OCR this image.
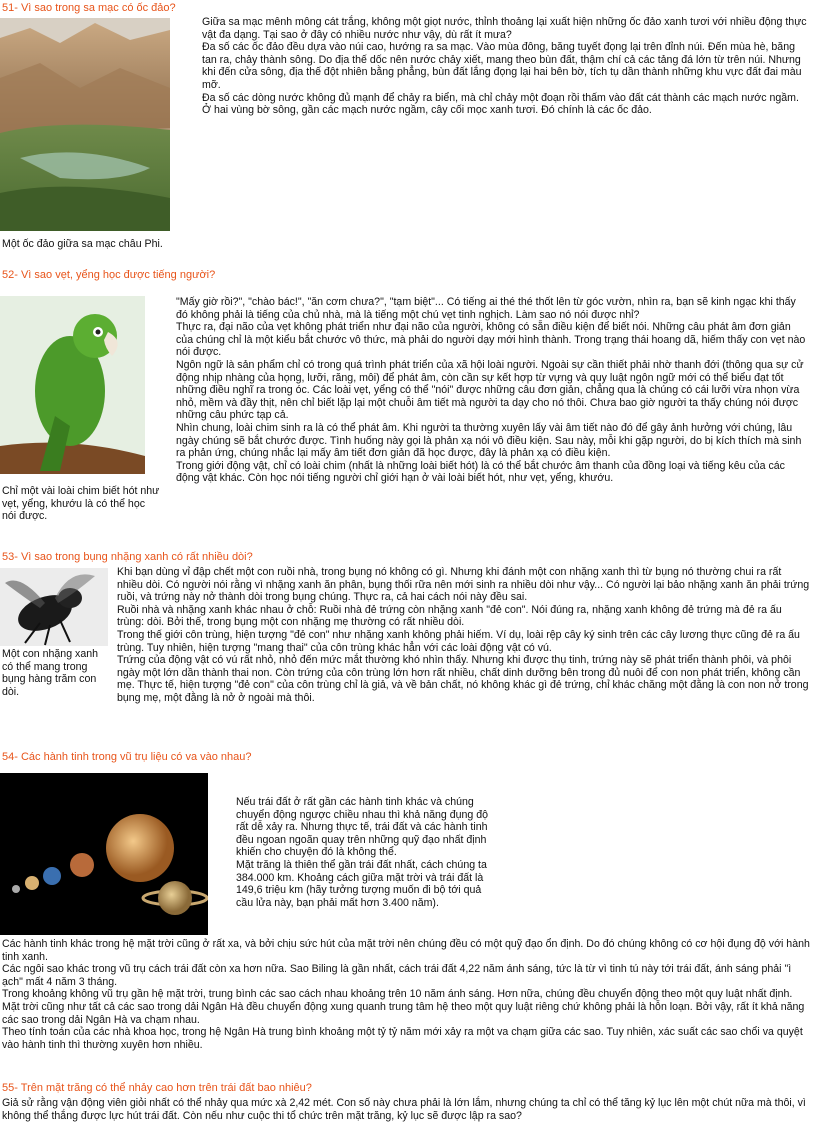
51- Vì sao trong sa mạc có ốc đảo?
Một ốc đảo giữa sa mạc châu Phi.

Giữa sa mạc mênh mông cát trắng, không một giọt nước, thỉnh thoảng lại xuất hiện những ốc đảo xanh tươi với nhiều động thực vật đa dạng. Tại sao ở đây có nhiều nước như vậy, dù rất ít mưa?

Đa số các ốc đảo đều dựa vào núi cao, hướng ra sa mạc. Vào mùa đông, băng tuyết đọng lại trên đỉnh núi. Đến mùa hè, băng tan ra, chảy thành sông. Do địa thế dốc nên nước chảy xiết, mang theo bùn đất, thậm chí cả các tảng đá lớn từ trên núi. Nhưng khi đến cửa sông, địa thế đột nhiên bằng phẳng, bùn đất lắng đọng lại hai bên bờ, tích tụ dần thành những khu vực đất đai màu mỡ.

Đa số các dòng nước không đủ mạnh để chảy ra biển, mà chỉ chảy một đoạn rồi thấm vào đất cát thành các mạch nước ngầm. Ở hai vùng bờ sông, gần các mạch nước ngầm, cây cối mọc xanh tươi. Đó chính là các ốc đảo.

52- Vì sao vẹt, yểng học được tiếng người?
Chỉ một vài loài chim biết hót như vẹt, yểng, khướu là có thể học nói được.

"Mấy giờ rồi?", "chào bác!", "ăn cơm chưa?", "tạm biệt"... Có tiếng ai thé thé thốt lên từ góc vườn, nhìn ra, bạn sẽ kinh ngạc khi thấy đó không phải là tiếng của chủ nhà, mà là tiếng một chú vẹt tinh nghịch. Làm sao nó nói được nhỉ?

Thực ra, đại não của vẹt không phát triển như đại não của người, không có sẵn điều kiện để biết nói. Những câu phát âm đơn giản của chúng chỉ là một kiểu bắt chước vô thức, mà phải do người dạy mới hình thành. Trong trạng thái hoang dã, hiếm thấy con vẹt nào nói được.

Ngôn ngữ là sản phẩm chỉ có trong quá trình phát triển của xã hội loài người. Ngoài sự cần thiết phải nhờ thanh đới (thông qua sự cử động nhịp nhàng của họng, lưỡi, răng, môi) để phát âm, còn cần sự kết hợp từ vựng và quy luật ngôn ngữ mới có thể biểu đạt tốt những điều nghĩ ra trong óc. Các loài vẹt, yểng có thể "nói" được những câu đơn giản, chẳng qua là chúng có cái lưỡi vừa nhọn vừa nhỏ, mềm và đầy thịt, nên chỉ biết lặp lại một chuỗi âm tiết mà người ta dạy cho nó thôi. Chưa bao giờ người ta thấy chúng nói được những câu phức tạp cả.

Nhìn chung, loài chim sinh ra là có thể phát âm. Khi người ta thường xuyên lấy vài âm tiết nào đó để gây ảnh hưởng với chúng, lâu ngày chúng sẽ bắt chước được. Tình huống này gọi là phản xạ nói vô điều kiện. Sau này, mỗi khi gặp người, do bị kích thích mà sinh ra phản ứng, chúng nhắc lại mấy âm tiết đơn giản đã học được, đây là phản xạ có điều kiện.

Trong giới động vật, chỉ có loài chim (nhất là những loài biết hót) là có thể bắt chước âm thanh của đồng loại và tiếng kêu của các động vật khác. Còn học nói tiếng người chỉ giới hạn ở vài loài biết hót, như vẹt, yểng, khướu.

53- Vì sao trong bụng nhặng xanh có rất nhiều dòi?
Một con nhặng xanh có thể mang trong bụng hàng trăm con dòi.

Khi bạn dùng vỉ đập chết một con ruồi nhà, trong bụng nó không có gì. Nhưng khi đánh một con nhặng xanh thì từ bụng nó thường chui ra rất nhiều dòi. Có người nói rằng vì nhặng xanh ăn phân, bụng thối rữa nên mới sinh ra nhiều dòi như vậy... Có người lại bảo nhặng xanh ăn phải trứng ruồi, và trứng này nở thành dòi trong bụng chúng. Thực ra, cả hai cách nói này đều sai.

Ruồi nhà và nhặng xanh khác nhau ở chỗ: Ruồi nhà đẻ trứng còn nhặng xanh "đẻ con". Nói đúng ra, nhặng xanh không đẻ trứng mà đẻ ra ấu trùng: dòi. Bởi thế, trong bụng một con nhặng mẹ thường có rất nhiều dòi.

Trong thế giới côn trùng, hiện tượng "đẻ con" như nhặng xanh không phải hiếm. Ví dụ, loài rệp cây ký sinh trên các cây lương thực cũng đẻ ra ấu trùng. Tuy nhiên, hiện tượng "mang thai" của côn trùng khác hẳn với các loài động vật có vú.

Trứng của động vật có vú rất nhỏ, nhỏ đến mức mắt thường khó nhìn thấy. Nhưng khi được thụ tinh, trứng này sẽ phát triển thành phôi, và phôi ngày một lớn dần thành thai non. Còn trứng của côn trùng lớn hơn rất nhiều, chất dinh dưỡng bên trong đủ nuôi để con non phát triển, không cần mẹ. Thực tế, hiện tượng "đẻ con" của côn trùng chỉ là giả, và về bản chất, nó không khác gì đẻ trứng, chỉ khác chăng một đằng là con non nở trong bụng mẹ, một đằng là nở ở ngoài mà thôi.

54- Các hành tinh trong vũ trụ liệu có va vào nhau?

Nếu trái đất ở rất gần các hành tinh khác và chúng chuyển động ngược chiều nhau thì khả năng đụng độ rất dễ xảy ra. Nhưng thực tế, trái đất và các hành tinh đều ngoan ngoãn quay trên những quỹ đạo nhất định khiến cho chuyện đó là không thể.

Mặt trăng là thiên thể gần trái đất nhất, cách chúng ta 384.000 km. Khoảng cách giữa mặt trời và trái đất là 149,6 triệu km (hãy tưởng tượng muốn đi bộ tới quả cầu lửa này, bạn phải mất hơn 3.400 năm).

Các hành tinh khác trong hệ mặt trời cũng ở rất xa, và bởi chịu sức hút của mặt trời nên chúng đều có một quỹ đạo ổn định. Do đó chúng không có cơ hội đụng độ với hành tinh xanh.

Các ngôi sao khác trong vũ trụ cách trái đất còn xa hơn nữa. Sao Biling là gần nhất, cách trái đất 4,22 năm ánh sáng, tức là từ vì tinh tú này tới trái đất, ánh sáng phải "ì ạch" mất 4 năm 3 tháng.

Trong khoảng không vũ trụ gần hệ mặt trời, trung bình các sao cách nhau khoảng trên 10 năm ánh sáng. Hơn nữa, chúng đều chuyển động theo một quy luật nhất định. Mặt trời cũng như tất cả các sao trong dải Ngân Hà đều chuyển động xung quanh trung tâm hệ theo một quy luật riêng chứ không phải là hỗn loạn. Bởi vậy, rất ít khả năng các sao trong dải Ngân Hà va chạm nhau.

Theo tính toán của các nhà khoa học, trong hệ Ngân Hà trung bình khoảng một tỷ tỷ năm mới xảy ra một va chạm giữa các sao. Tuy nhiên, xác suất các sao chổi va quyệt vào hành tinh thì thường xuyên hơn nhiều.

55- Trên mặt trăng có thể nhảy cao hơn trên trái đất bao nhiêu?

Giả sử rằng vận động viên giỏi nhất có thể nhảy qua mức xà 2,42 mét. Con số này chưa phải là lớn lắm, nhưng chúng ta chỉ có thể tăng kỷ lục lên một chút nữa mà thôi, vì không thể thắng được lực hút trái đất. Còn nếu như cuộc thi tổ chức trên mặt trăng, kỷ lục sẽ được lập ra sao?
